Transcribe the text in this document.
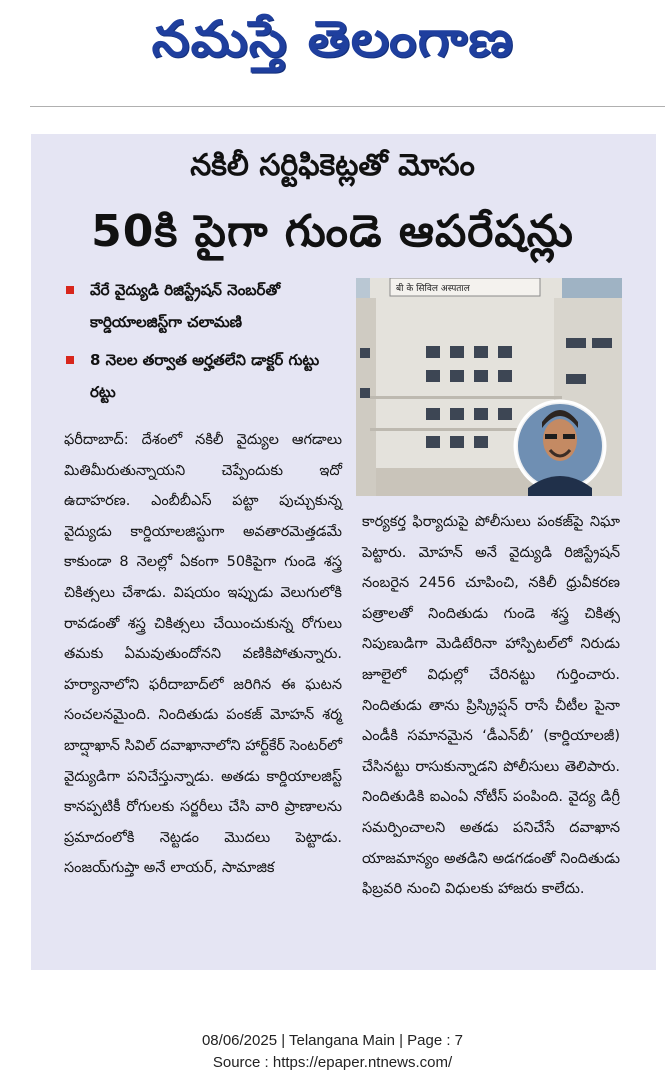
నమస్తే తెలంగాణ
నకిలీ సర్టిఫికెట్లతో మోసం
50కి పైగా గుండె ఆపరేషన్లు
వేరే వైద్యుడి రిజిస్ట్రేషన్ నెంబర్‌తో కార్డియాలజిస్ట్‌గా చలామణి
8 నెలల తర్వాత అర్హతలేని డాక్టర్ గుట్టు రట్టు
बी के सिविल अस्पताल
ఫరీదాబాద్: దేశంలో నకిలీ వైద్యుల ఆగడాలు మితిమీరుతున్నాయని చెప్పేందుకు ఇదో ఉదాహరణ. ఎంబీబీఎస్ పట్టా పుచ్చుకున్న వైద్యుడు కార్డియాలజిస్టుగా అవతారమెత్తడమే కాకుండా 8 నెలల్లో ఏకంగా 50కిపైగా గుండె శస్త్ర చికిత్సలు చేశాడు. విషయం ఇప్పుడు వెలుగులోకి రావడంతో శస్త్ర చికిత్సలు చేయించుకున్న రోగులు తమకు ఏమవుతుందోనని వణికిపోతున్నారు. హర్యానాలోని ఫరీదాబాద్‌లో జరిగిన ఈ ఘటన సంచలనమైంది. నిందితుడు పంకజ్ మోహన్ శర్మ బాద్షాఖాన్ సివిల్ దవాఖానాలోని హార్ట్‌కేర్ సెంటర్‌లో వైద్యుడిగా పనిచేస్తున్నాడు. అతడు కార్డియాలజిస్ట్ కానప్పటికీ రోగులకు సర్జరీలు చేసి వారి ప్రాణాలను ప్రమాదంలోకి నెట్టడం మొదలు పెట్టాడు. సంజయ్‌గుప్తా అనే లాయర్, సామాజిక
కార్యకర్త ఫిర్యాదుపై పోలీసులు పంకజ్‌పై నిఘా పెట్టారు. మోహన్ అనే వైద్యుడి రిజిస్ట్రేషన్ నంబరైన 2456 చూపించి, నకిలీ ధ్రువీకరణ పత్రాలతో నిందితుడు గుండె శస్త్ర చికిత్స నిపుణుడిగా మెడిటేరినా హాస్పిటల్‌లో నిరుడు జూలైలో విధుల్లో చేరినట్టు గుర్తించారు. నిందితుడు తాను ప్రిస్క్రిప్షన్ రాసే చీటీల పైనా ఎండీకి సమానమైన ‘డీఎన్‌బీ’ (కార్డియాలజీ) చేసినట్టు రాసుకున్నాడని పోలీసులు తెలిపారు. నిందితుడికి ఐఎంఏ నోటీస్ పంపింది. వైద్య డిగ్రీ సమర్పించాలని అతడు పనిచేసే దవాఖాన యాజమాన్యం అతడిని అడగడంతో నిందితుడు ఫిబ్రవరి నుంచి విధులకు హాజరు కాలేదు.
08/06/2025 | Telangana Main | Page : 7
Source : https://epaper.ntnews.com/
